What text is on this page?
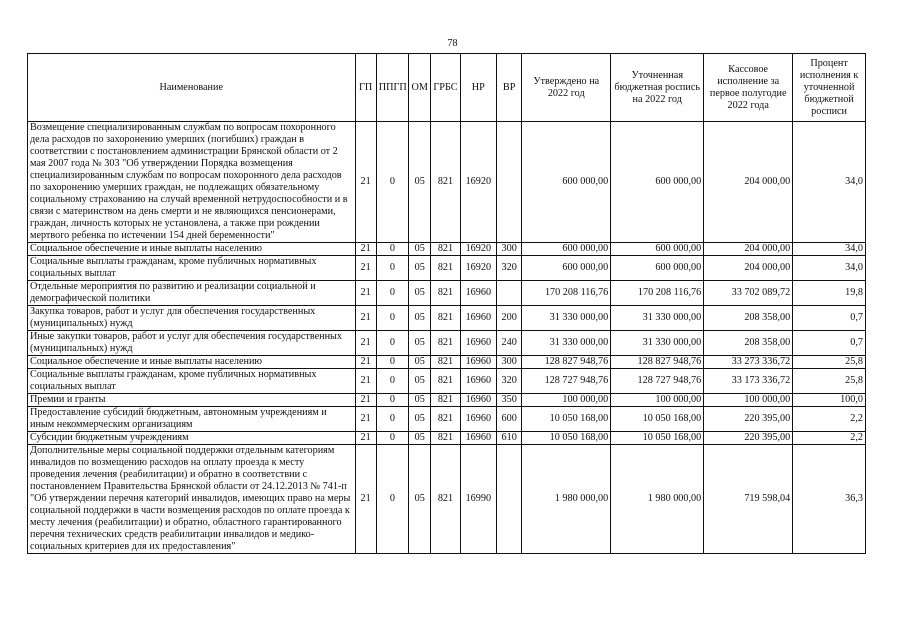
78
Наименование	ГП	ППГП	ОМ	ГРБС	НР	ВР	Утверждено на 2022 год	Уточненная бюджетная роспись на 2022 год	Кассовое исполнение за первое полугодие 2022 года	Процент исполнения к уточненной бюджетной росписи
Возмещение специализированным службам по вопросам похоронного дела расходов по захоронению умерших (погибших) граждан в соответствии с постановлением администрации Брянской области от 2 мая 2007 года № 303 "Об утверждении Порядка возмещения специализированным службам по вопросам похоронного дела расходов по захоронению умерших граждан, не подлежащих обязательному социальному страхованию на случай временной нетрудоспособности и в связи с материнством на день смерти и не являющихся пенсионерами, граждан, личность которых не установлена, а также при рождении мертвого ребенка по истечении 154 дней беременности"	21	0	05	821	16920		600 000,00	600 000,00	204 000,00	34,0
Социальное обеспечение и иные выплаты населению	21	0	05	821	16920	300	600 000,00	600 000,00	204 000,00	34,0
Социальные выплаты гражданам, кроме публичных нормативных социальных выплат	21	0	05	821	16920	320	600 000,00	600 000,00	204 000,00	34,0
Отдельные мероприятия по развитию и реализации социальной и демографической политики	21	0	05	821	16960		170 208 116,76	170 208 116,76	33 702 089,72	19,8
Закупка товаров, работ и услуг для обеспечения государственных (муниципальных) нужд	21	0	05	821	16960	200	31 330 000,00	31 330 000,00	208 358,00	0,7
Иные закупки товаров, работ и услуг для обеспечения государственных (муниципальных) нужд	21	0	05	821	16960	240	31 330 000,00	31 330 000,00	208 358,00	0,7
Социальное обеспечение и иные выплаты населению	21	0	05	821	16960	300	128 827 948,76	128 827 948,76	33 273 336,72	25,8
Социальные выплаты гражданам, кроме публичных нормативных социальных выплат	21	0	05	821	16960	320	128 727 948,76	128 727 948,76	33 173 336,72	25,8
Премии и гранты	21	0	05	821	16960	350	100 000,00	100 000,00	100 000,00	100,0
Предоставление субсидий бюджетным, автономным учреждениям и иным некоммерческим организациям	21	0	05	821	16960	600	10 050 168,00	10 050 168,00	220 395,00	2,2
Субсидии бюджетным учреждениям	21	0	05	821	16960	610	10 050 168,00	10 050 168,00	220 395,00	2,2
Дополнительные меры социальной поддержки отдельным категориям инвалидов по возмещению расходов на оплату проезда к месту проведения лечения (реабилитации) и обратно в соответствии с постановлением Правительства Брянской области от 24.12.2013 № 741-п "Об утверждении перечня категорий инвалидов, имеющих право на меры социальной поддержки в части возмещения расходов по оплате проезда к месту лечения (реабилитации) и обратно, областного гарантированного перечня технических средств реабилитации инвалидов и медико-социальных критериев для их предоставления"	21	0	05	821	16990		1 980 000,00	1 980 000,00	719 598,04	36,3
